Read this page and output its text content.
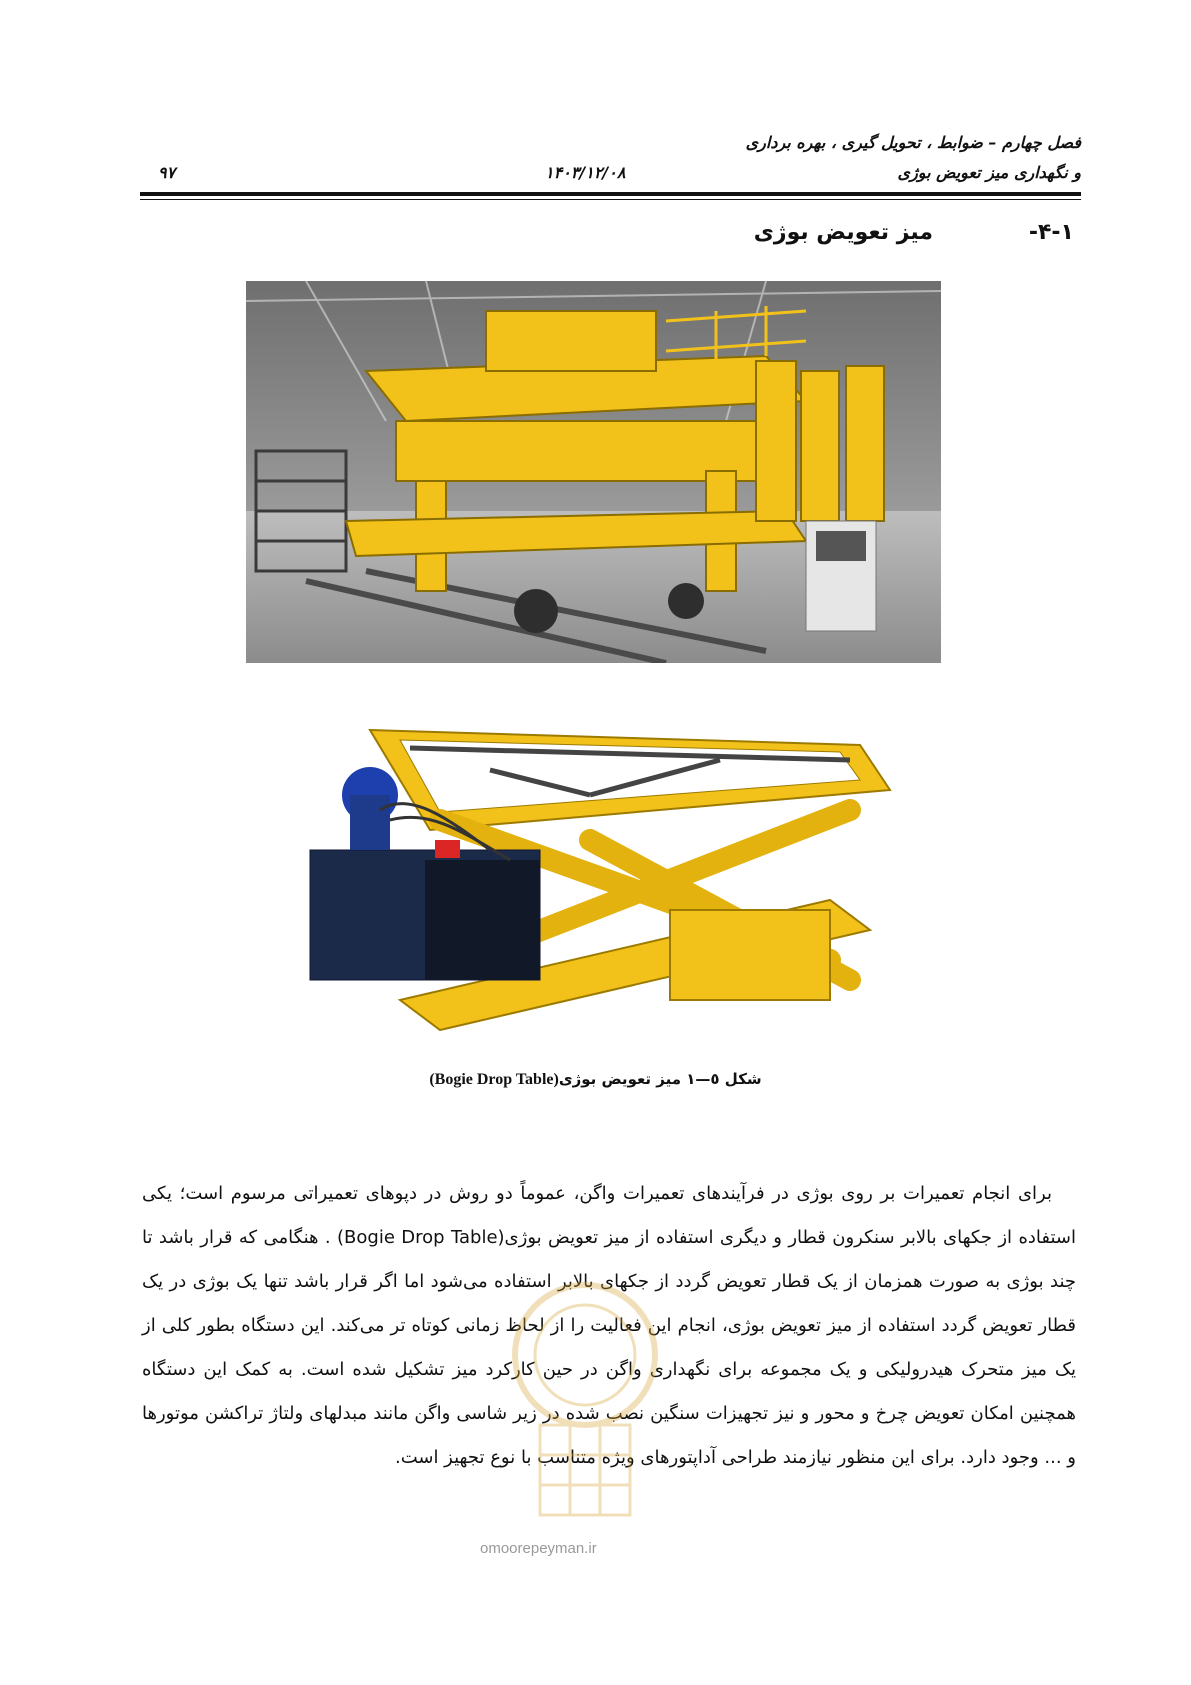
فصل چهارم – ضوابط ، تحویل گیری ، بهره برداری
و نگهداری میز تعویض بوژی
۱۴۰۳/۱۲/۰۸
۹۷
۴-۱-
میز تعویض بوژی
شکل ٥—۱ میز تعویض بوژی(Bogie Drop Table)

برای انجام تعمیرات بر روی بوژی در فرآیندهای تعمیرات واگن، عموماً دو روش در دپوهای تعمیراتی مرسوم است؛ یکی استفاده از جکهای بالابر سنکرون قطار و دیگری استفاده از میز تعویض بوژی(Bogie Drop Table) . هنگامی که قرار باشد تا چند بوژی به صورت همزمان از یک قطار تعویض گردد از جکهای بالابر استفاده می‌شود اما اگر قرار باشد تنها یک بوژی در یک قطار تعویض گردد استفاده از میز تعویض بوژی، انجام این فعالیت را از لحاظ زمانی کوتاه تر می‌کند. این دستگاه بطور کلی از یک میز متحرک هیدرولیکی و یک مجموعه برای نگهداری واگن در حین کارکرد میز تشکیل شده است. به کمک این دستگاه همچنین امکان تعویض چرخ و محور و نیز تجهیزات سنگین نصب شده در زیر شاسی واگن مانند مبدلهای ولتاژ تراکشن موتورها و ... وجود دارد. برای این منظور نیازمند طراحی آداپتورهای ویژه متناسب با نوع تجهیز است.

omoorepeyman.ir
